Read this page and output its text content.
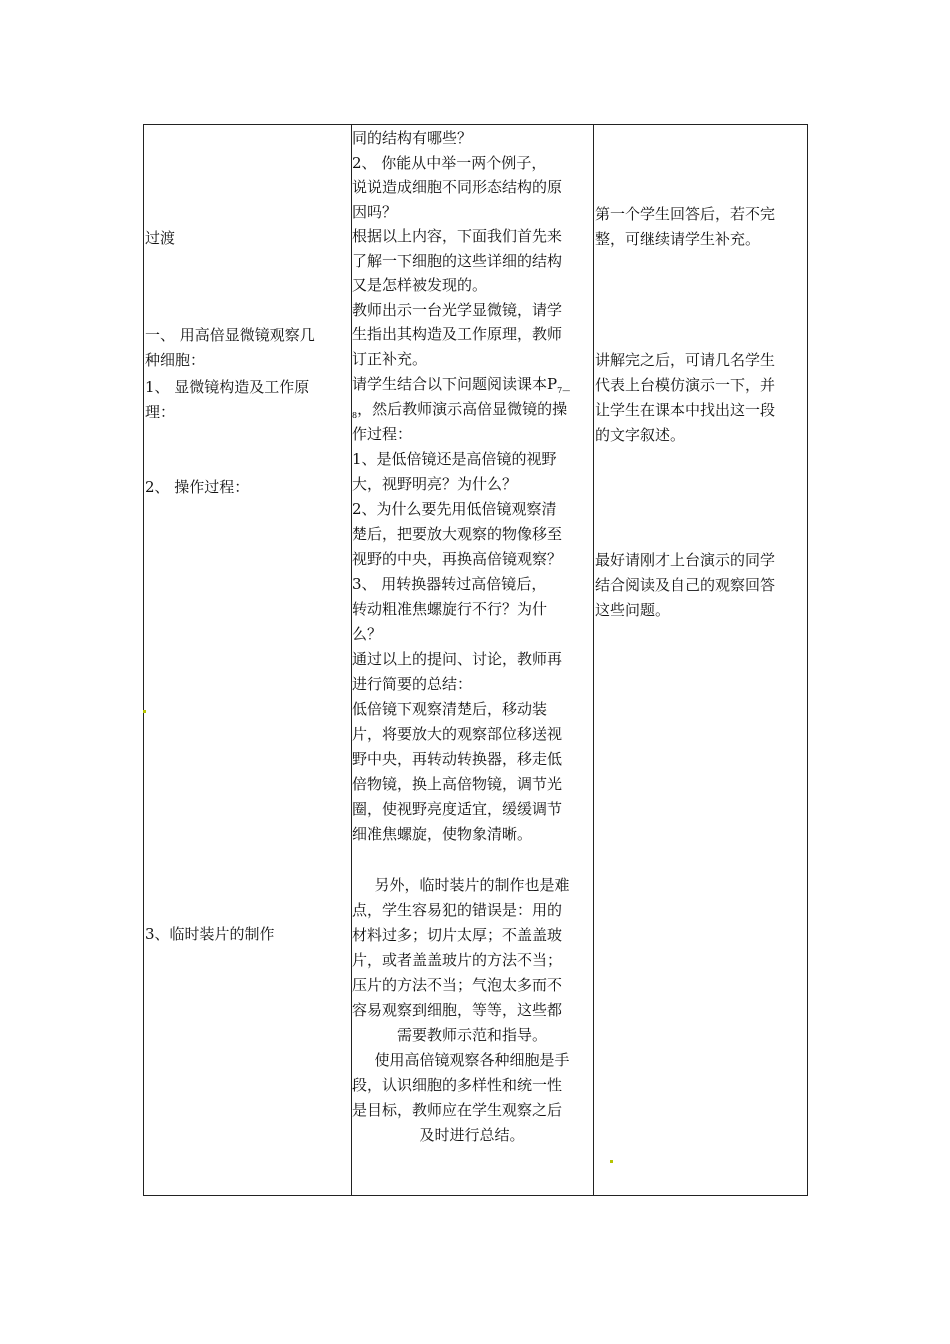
过渡
一、 用高倍显微镜观察几
种细胞：
1、 显微镜构造及工作原
理：
2、 操作过程：
3、临时装片的制作
同的结构有哪些？
2、 你能从中举一两个例子，
说说造成细胞不同形态结构的原
因吗？
根据以上内容，下面我们首先来
了解一下细胞的这些详细的结构
又是怎样被发现的。
教师出示一台光学显微镜，请学
生指出其构造及工作原理，教师
订正补充。
请学生结合以下问题阅读课本$P_{7—}$
$_8$，然后教师演示高倍显微镜的操
作过程：
1、是低倍镜还是高倍镜的视野
大，视野明亮？为什么？
2、为什么要先用低倍镜观察清
楚后，把要放大观察的物像移至
视野的中央，再换高倍镜观察？
3、 用转换器转过高倍镜后，
转动粗准焦螺旋行不行？为什
么？
通过以上的提问、讨论，教师再
进行简要的总结：
低倍镜下观察清楚后，移动装
片，将要放大的观察部位移送视
野中央，再转动转换器，移走低
倍物镜，换上高倍物镜，调节光
圈，使视野亮度适宜，缓缓调节
细准焦螺旋，使物象清晰。
另外，临时装片的制作也是难
点，学生容易犯的错误是：用的
材料过多；切片太厚；不盖盖玻
片，或者盖盖玻片的方法不当；
压片的方法不当；气泡太多而不
容易观察到细胞，等等，这些都
需要教师示范和指导。
使用高倍镜观察各种细胞是手
段，认识细胞的多样性和统一性
是目标，教师应在学生观察之后
及时进行总结。
第一个学生回答后，若不完
整，可继续请学生补充。
讲解完之后，可请几名学生
代表上台模仿演示一下，并
让学生在课本中找出这一段
的文字叙述。
最好请刚才上台演示的同学
结合阅读及自己的观察回答
这些问题。
